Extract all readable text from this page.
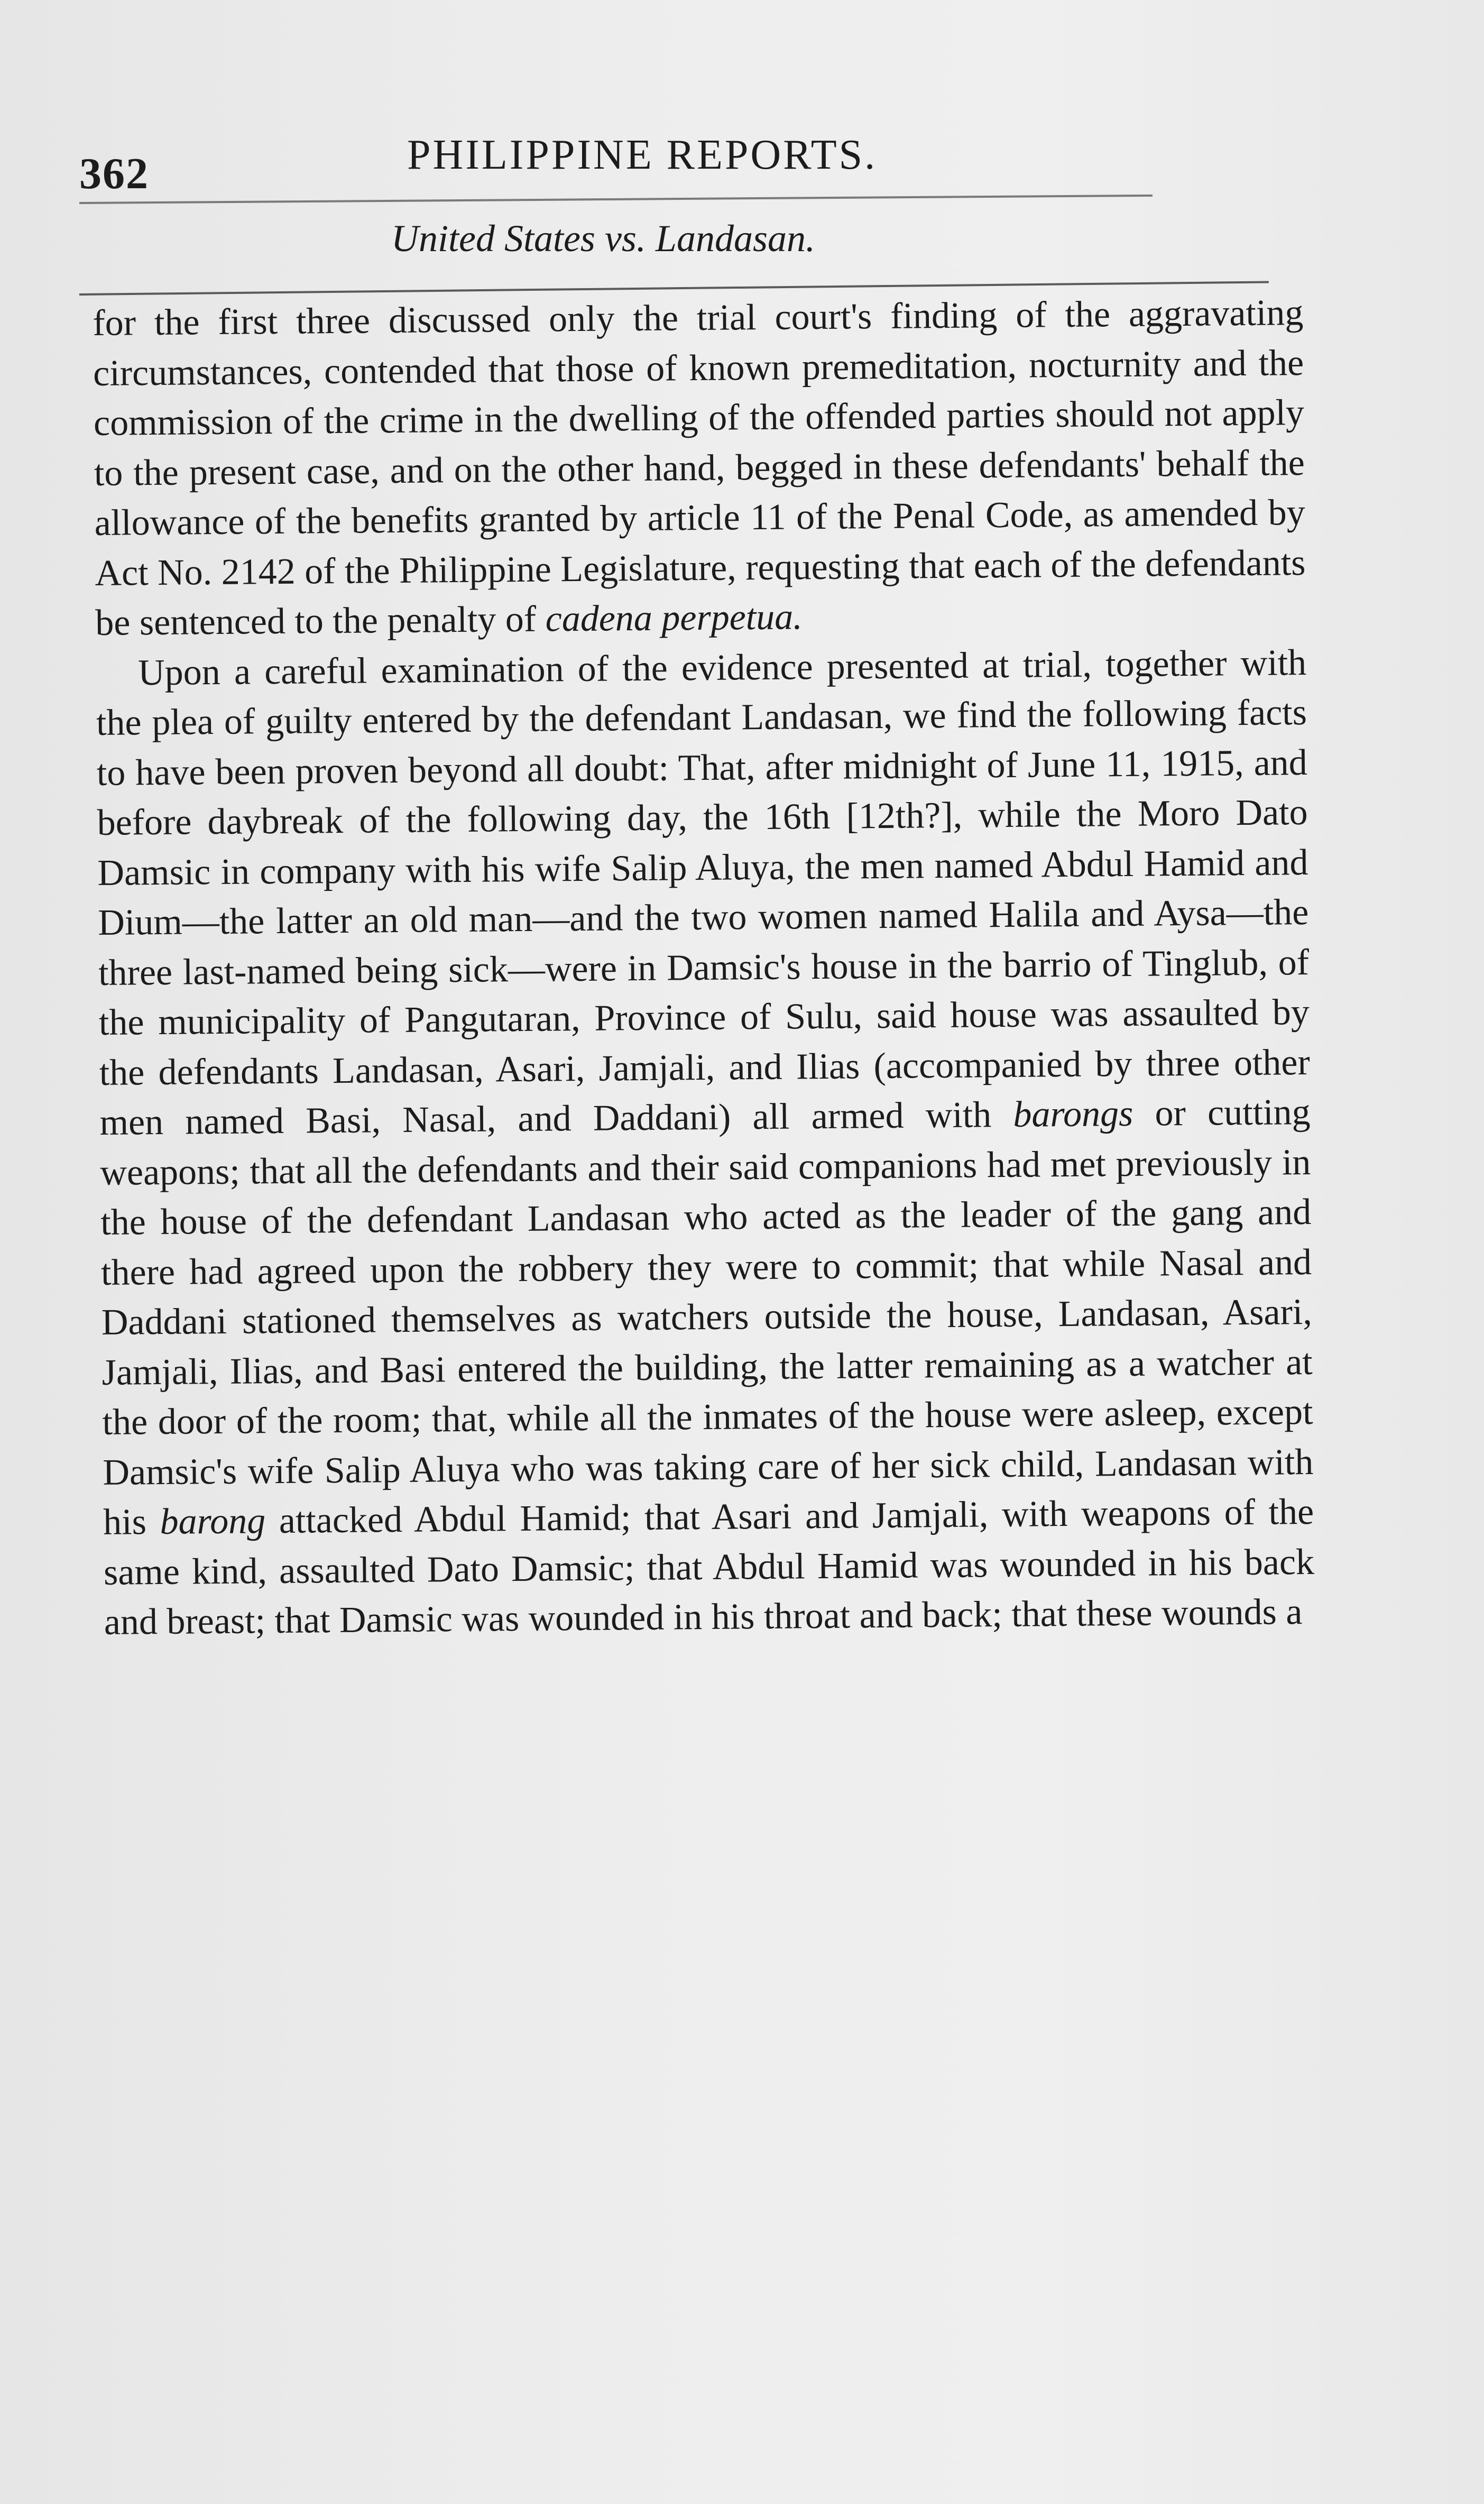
362	PHILIPPINE REPORTS.
United States vs. Landasan.

for the first three discussed only the trial court's finding of the aggravating circumstances, contended that those of known premeditation, nocturnity and the commission of the crime in the dwelling of the offended parties should not apply to the present case, and on the other hand, begged in these defendants' behalf the allowance of the benefits granted by article 11 of the Penal Code, as amended by Act No. 2142 of the Philippine Legislature, requesting that each of the defendants be sentenced to the penalty of cadena perpetua.

Upon a careful examination of the evidence presented at trial, together with the plea of guilty entered by the defendant Landasan, we find the following facts to have been proven beyond all doubt: That, after midnight of June 11, 1915, and before daybreak of the following day, the 16th [12th?], while the Moro Dato Damsic in company with his wife Salip Aluya, the men named Abdul Hamid and Dium—the latter an old man—and the two women named Halila and Aysa—the three last-named being sick—were in Damsic's house in the barrio of Tinglub, of the municipality of Pangutaran, Province of Sulu, said house was assaulted by the defendants Landasan, Asari, Jamjali, and Ilias (accompanied by three other men named Basi, Nasal, and Daddani) all armed with barongs or cutting weapons; that all the defendants and their said companions had met previously in the house of the defendant Landasan who acted as the leader of the gang and there had agreed upon the robbery they were to commit; that while Nasal and Daddani stationed themselves as watchers outside the house, Landasan, Asari, Jamjali, Ilias, and Basi entered the building, the latter remaining as a watcher at the door of the room; that, while all the inmates of the house were asleep, except Damsic's wife Salip Aluya who was taking care of her sick child, Landasan with his barong attacked Abdul Hamid; that Asari and Jamjali, with weapons of the same kind, assaulted Dato Damsic; that Abdul Hamid was wounded in his back and breast; that Damsic was wounded in his throat and back; that these wounds a
